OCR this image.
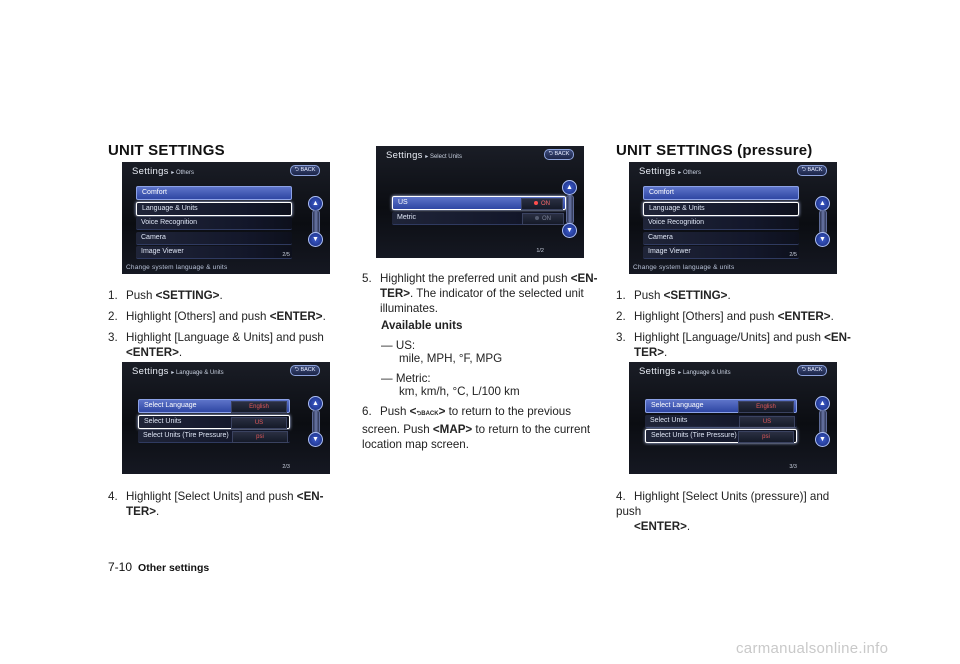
UNIT SETTINGS
Settings ▸ Others	⮌ BACK
Comfort
Language & Units
Voice Recognition
Camera
Image Viewer
▲
▼
2/5
Change system language & units
1. Push <SETTING>.
2. Highlight [Others] and push <ENTER>.
3. Highlight [Language & Units] and push
<ENTER>.
Settings ▸ Language & Units	⮌ BACK
Select Language	English
Select Units	US
Select Units (Tire Pressure)	psi
▲
▼
2/3
4. Highlight [Select Units] and push <EN-
TER>.
Settings ▸ Select Units	⮌ BACK
US	ON
Metric	ON
▲
▼
1/2
5. Highlight the preferred unit and push <EN-
TER>. The indicator of the selected unit illuminates.
Available units
— US:
mile, MPH, °F, MPG
— Metric:
km, km/h, °C, L/100 km
6. Push <⮌BACK> to return to the previous screen. Push <MAP> to return to the current location map screen.
UNIT SETTINGS (pressure)
Settings ▸ Others	⮌ BACK
Comfort
Language & Units
Voice Recognition
Camera
Image Viewer
▲
▼
2/5
Change system language & units
1. Push <SETTING>.
2. Highlight [Others] and push <ENTER>.
3. Highlight [Language/Units] and push <EN-
TER>.
Settings ▸ Language & Units	⮌ BACK
Select Language	English
Select Units	US
Select Units (Tire Pressure)	psi
▲
▼
3/3
4. Highlight [Select Units (pressure)] and push
<ENTER>.
7-10 Other settings
carmanualsonline.info
